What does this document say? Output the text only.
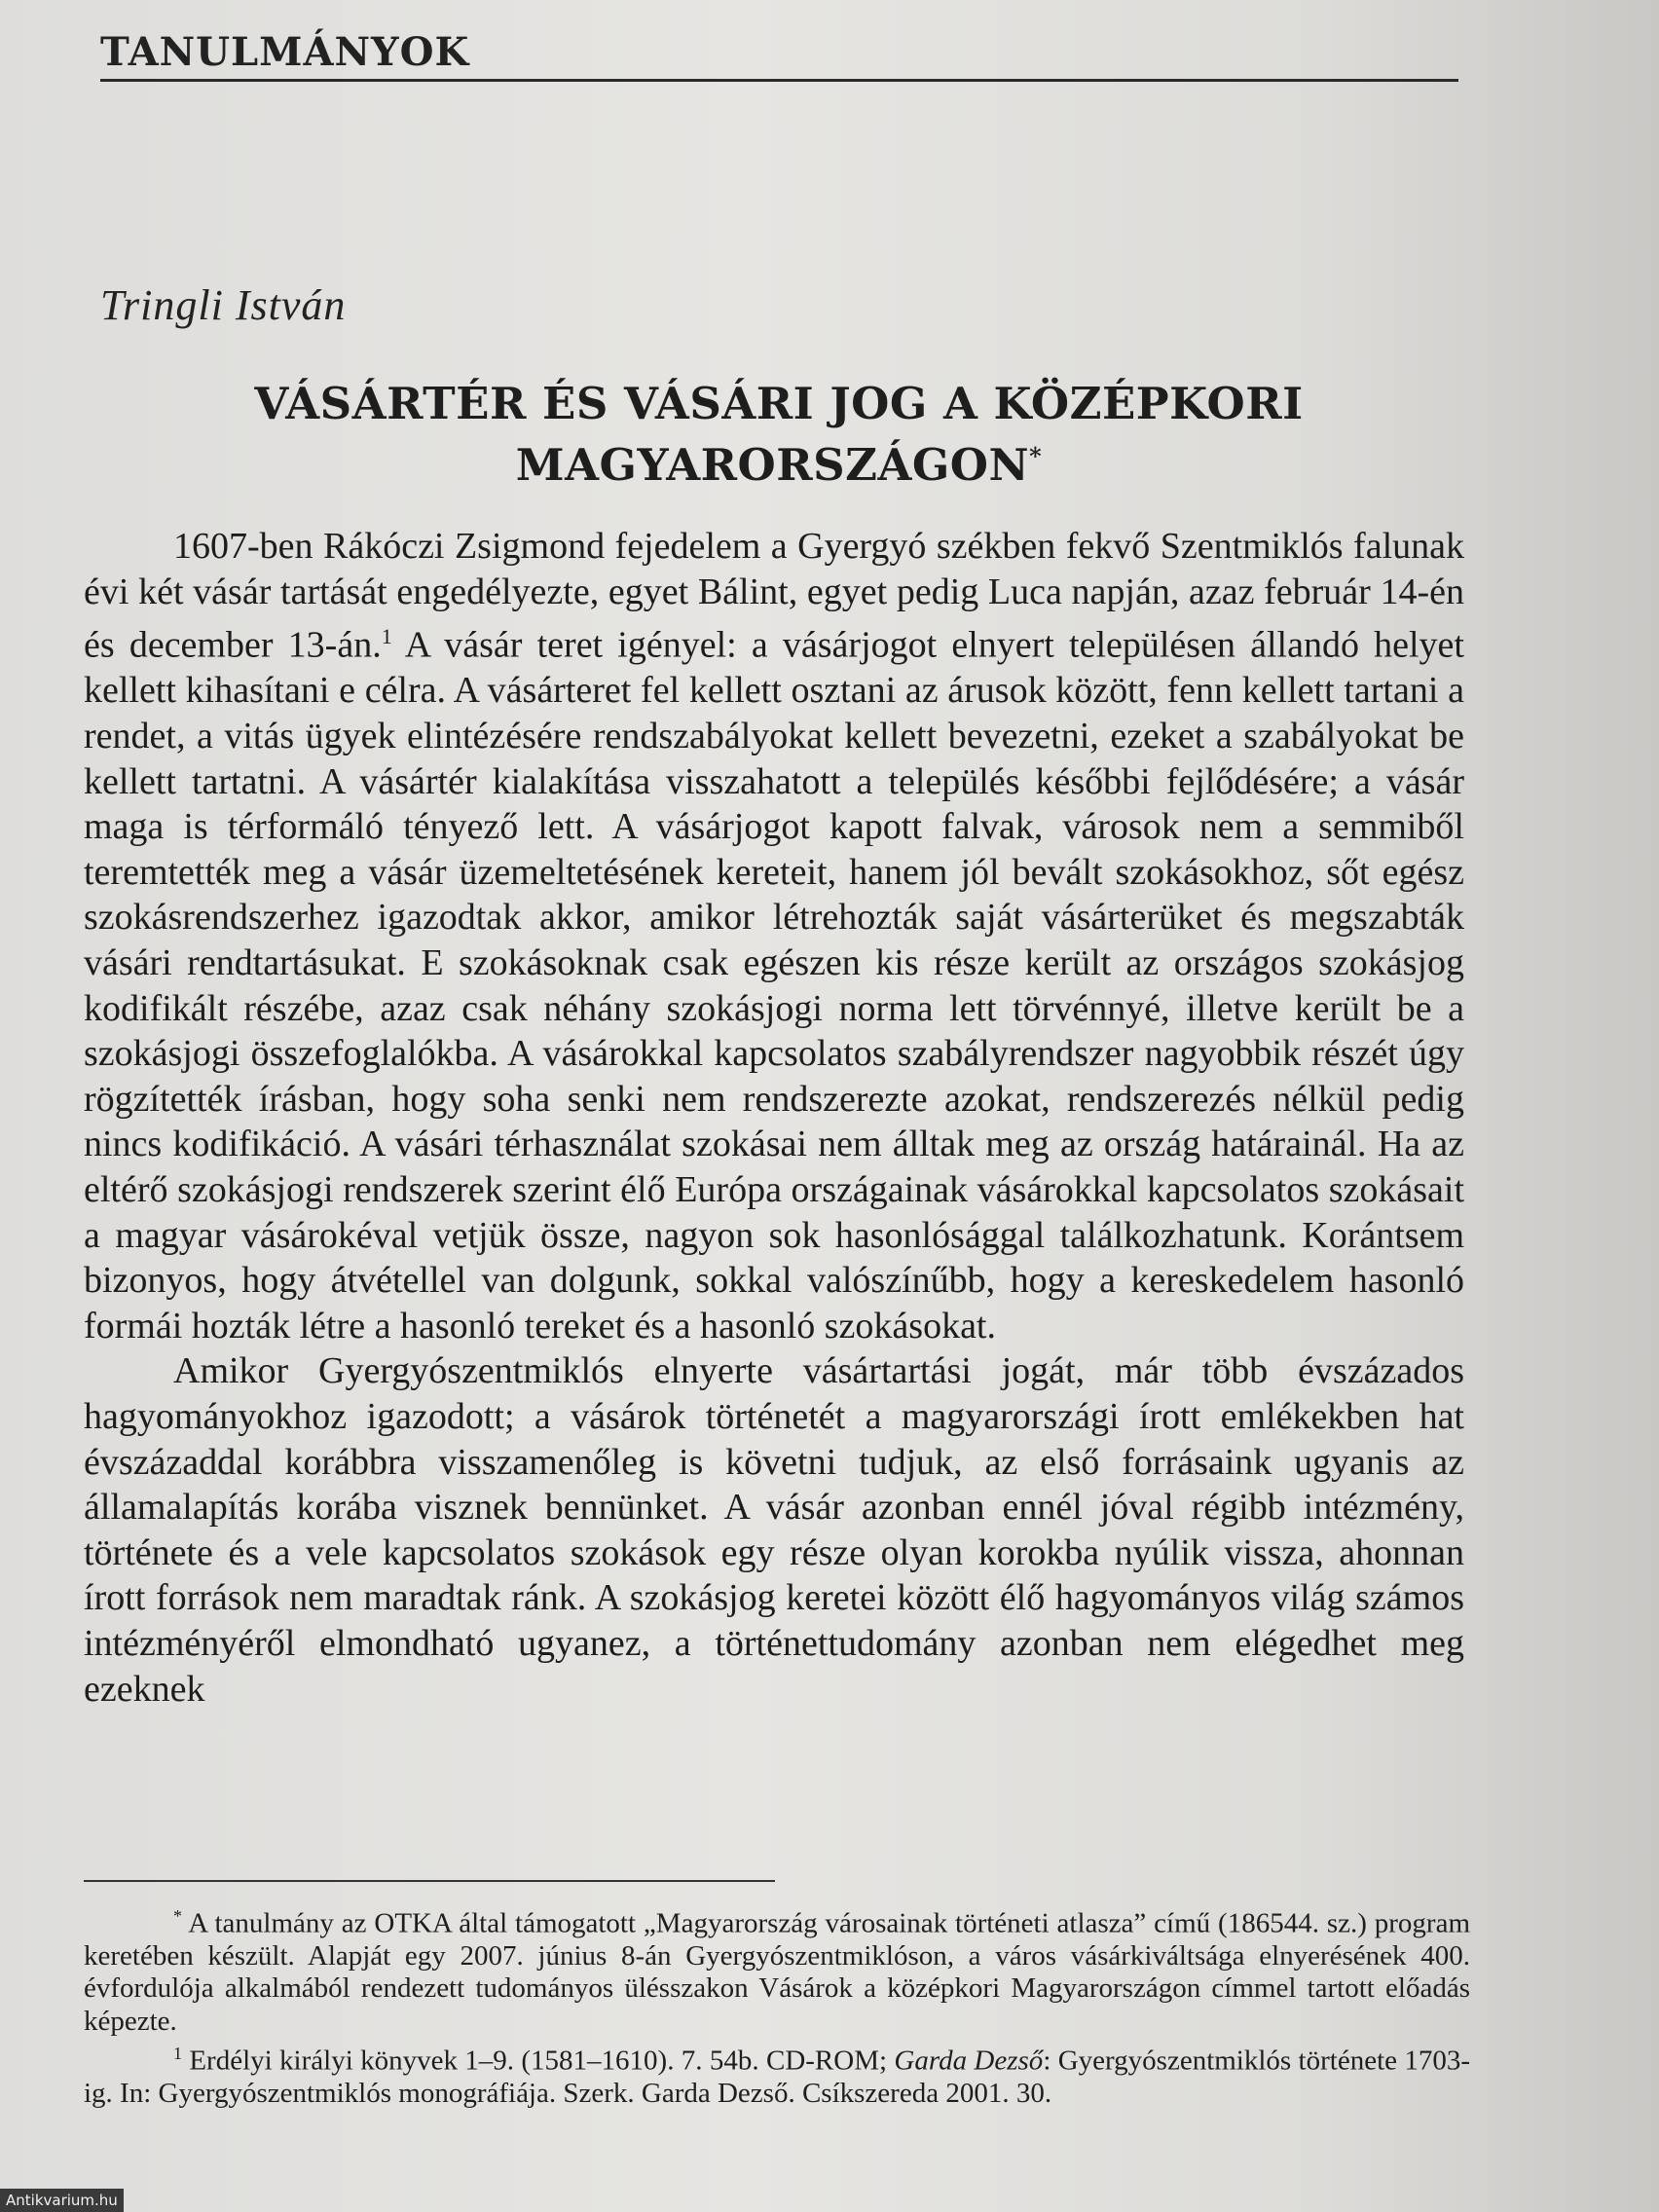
TANULMÁNYOK
Tringli István
VÁSÁRTÉR ÉS VÁSÁRI JOG A KÖZÉPKORI MAGYARORSZÁGON*

1607-ben Rákóczi Zsigmond fejedelem a Gyergyó székben fekvő Szentmiklós falunak évi két vásár tartását engedélyezte, egyet Bálint, egyet pedig Luca napján, azaz február 14-én és december 13-án.$^1$ A vásár teret igényel: a vásárjogot elnyert településen állandó helyet kellett kihasítani e célra. A vásárteret fel kellett osztani az árusok között, fenn kellett tartani a rendet, a vitás ügyek elintézésére rendszabályokat kellett bevezetni, ezeket a szabályokat be kellett tartatni. A vásártér kialakítása visszahatott a település későbbi fejlődésére; a vásár maga is térformáló tényező lett. A vásárjogot kapott falvak, városok nem a semmiből teremtették meg a vásár üzemeltetésének kereteit, hanem jól bevált szokásokhoz, sőt egész szokásrendszerhez igazodtak akkor, amikor létrehozták saját vásárterüket és megszabták vásári rendtartásukat. E szokásoknak csak egészen kis része került az országos szokásjog kodifikált részébe, azaz csak néhány szokásjogi norma lett törvénnyé, illetve került be a szokásjogi összefoglalókba. A vásárokkal kapcsolatos szabályrendszer nagyobbik részét úgy rögzítették írásban, hogy soha senki nem rendszerezte azokat, rendszerezés nélkül pedig nincs kodifikáció. A vásári térhasználat szokásai nem álltak meg az ország határainál. Ha az eltérő szokásjogi rendszerek szerint élő Európa országainak vásárokkal kapcsolatos szokásait a magyar vásárokéval vetjük össze, nagyon sok hasonlósággal találkozhatunk. Korántsem bizonyos, hogy átvétellel van dolgunk, sokkal valószínűbb, hogy a kereskedelem hasonló formái hozták létre a hasonló tereket és a hasonló szokásokat.

Amikor Gyergyószentmiklós elnyerte vásártartási jogát, már több évszázados hagyományokhoz igazodott; a vásárok történetét a magyarországi írott emlékekben hat évszázaddal korábbra visszamenőleg is követni tudjuk, az első forrásaink ugyanis az államalapítás korába visznek bennünket. A vásár azonban ennél jóval régibb intézmény, története és a vele kapcsolatos szokások egy része olyan korokba nyúlik vissza, ahonnan írott források nem maradtak ránk. A szokásjog keretei között élő hagyományos világ számos intézményéről elmondható ugyanez, a történettudomány azonban nem elégedhet meg ezeknek

* A tanulmány az OTKA által támogatott „Magyarország városainak történeti atlasza” című (186544. sz.) program keretében készült. Alapját egy 2007. június 8-án Gyergyószentmiklóson, a város vásárkiváltsága elnyerésének 400. évfordulója alkalmából rendezett tudományos ülésszakon Vásárok a középkori Magyarországon címmel tartott előadás képezte.

$^1$ Erdélyi királyi könyvek 1–9. (1581–1610). 7. 54b. CD-ROM; Garda Dezső: Gyergyószentmiklós története 1703-ig. In: Gyergyószentmiklós monográfiája. Szerk. Garda Dezső. Csíkszereda 2001. 30.

Antikvarium.hu
